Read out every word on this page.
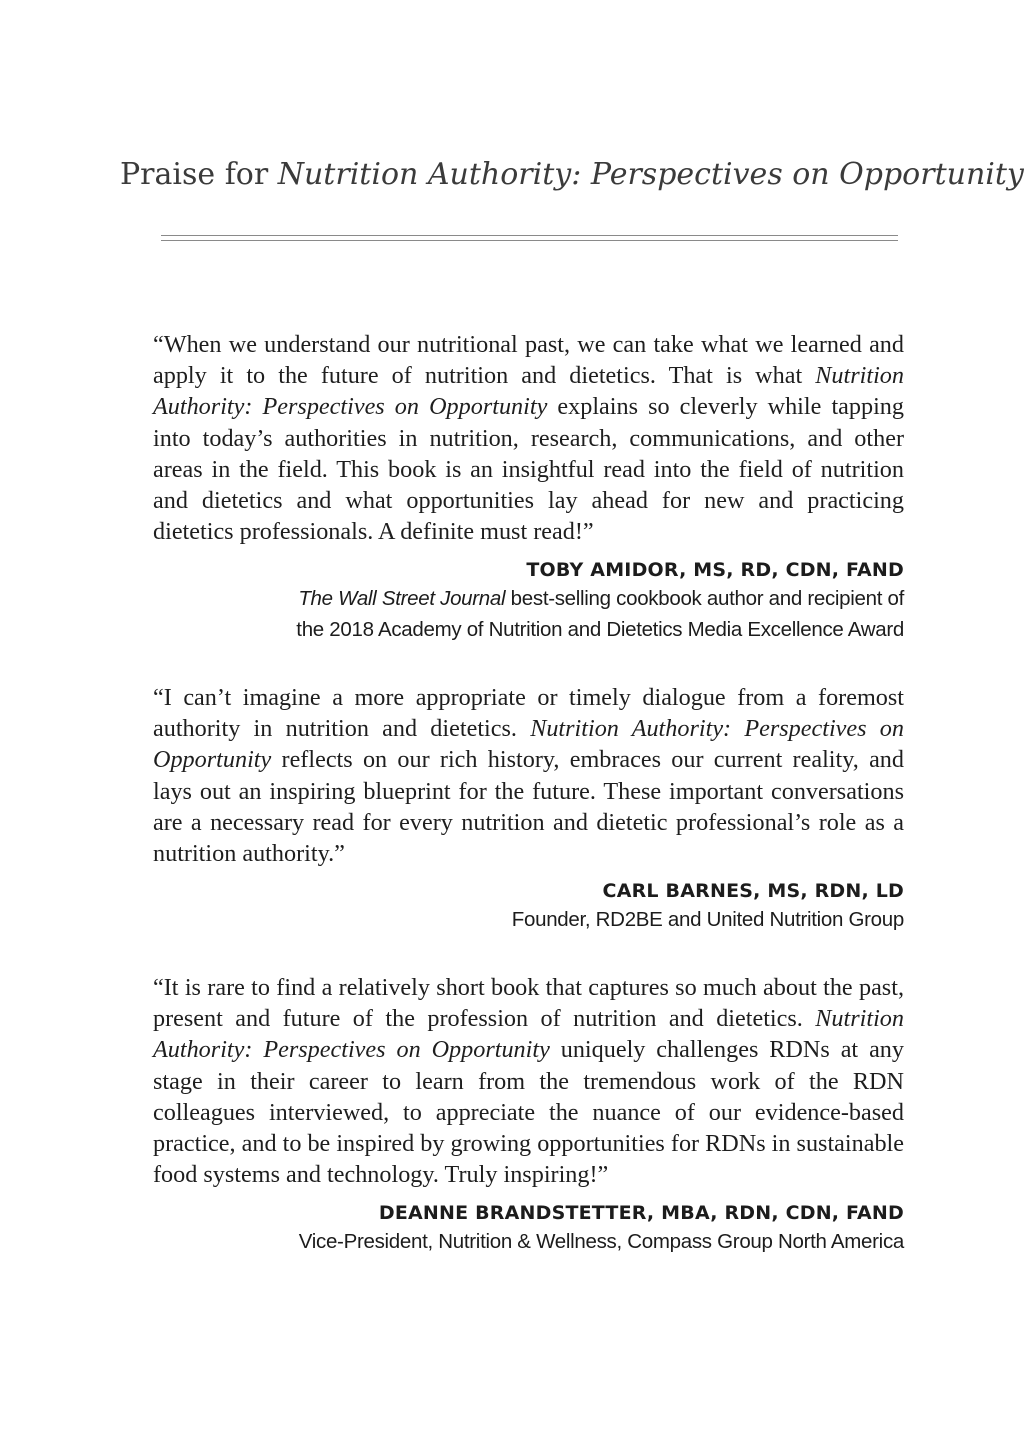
Praise for Nutrition Authority: Perspectives on Opportunity
“When we understand our nutritional past, we can take what we learned and apply it to the future of nutrition and dietetics. That is what Nutrition Authority: Perspectives on Opportunity explains so cleverly while tapping into today’s authorities in nutrition, research, communications, and other areas in the field. This book is an insightful read into the field of nutrition and dietetics and what opportunities lay ahead for new and practicing dietetics professionals. A definite must read!”
TOBY AMIDOR, MS, RD, CDN, FAND
The Wall Street Journal best-selling cookbook author and recipient of
the 2018 Academy of Nutrition and Dietetics Media Excellence Award
“I can’t imagine a more appropriate or timely dialogue from a foremost authority in nutrition and dietetics. Nutrition Authority: Perspectives on Opportunity reflects on our rich history, embraces our current reality, and lays out an inspiring blueprint for the future. These important conversations are a necessary read for every nutrition and dietetic professional’s role as a nutrition authority.”
CARL BARNES, MS, RDN, LD
Founder, RD2BE and United Nutrition Group
“It is rare to find a relatively short book that captures so much about the past, present and future of the profession of nutrition and dietetics. Nutrition Authority: Perspectives on Opportunity uniquely challenges RDNs at any stage in their career to learn from the tremendous work of the RDN colleagues interviewed, to appreciate the nuance of our evidence-based practice, and to be inspired by growing opportunities for RDNs in sustainable food systems and technology. Truly inspiring!”
DEANNE BRANDSTETTER, MBA, RDN, CDN, FAND
Vice-President, Nutrition & Wellness, Compass Group North America
